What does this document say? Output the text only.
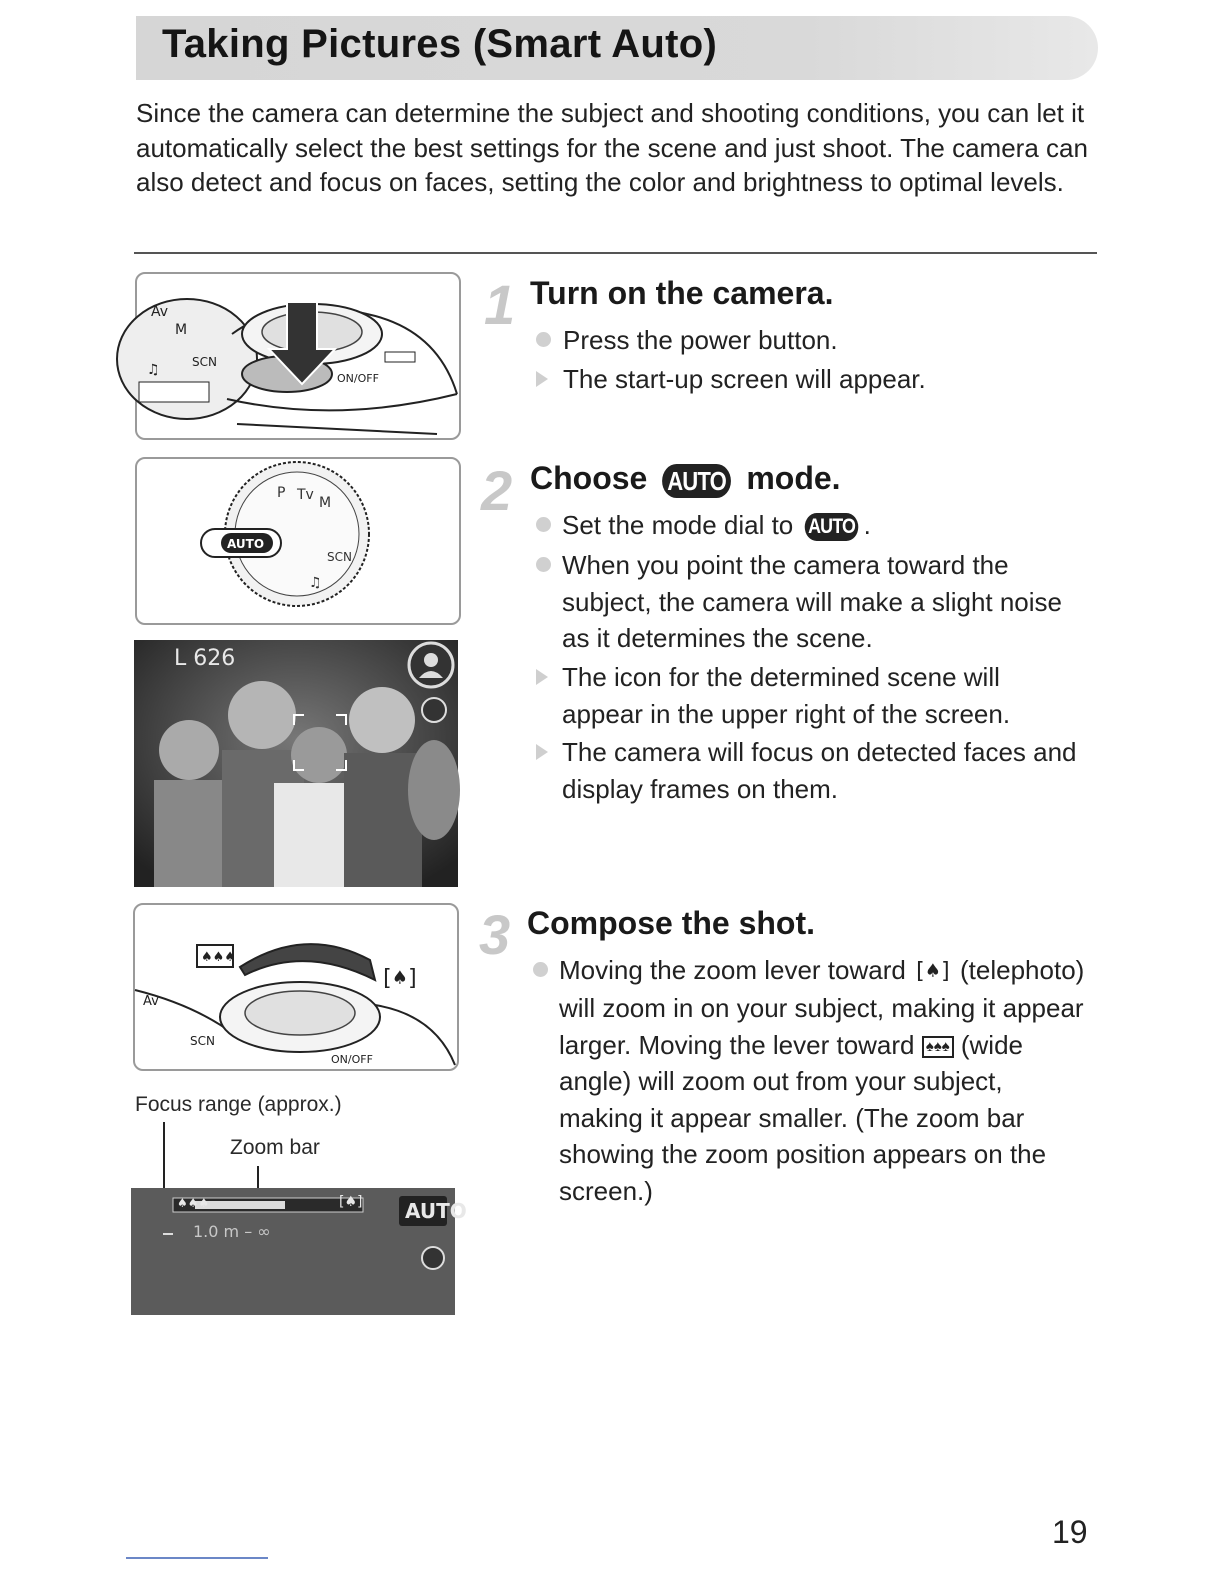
Taking Pictures (Smart Auto)
Since the camera can determine the subject and shooting conditions, you can let it automatically select the best settings for the scene and just shoot. The camera can also detect and focus on faces, setting the color and brightness to optimal levels.
Av
M
SCN
♫
ON/OFF
P Tv M
SCN
♫
AUTO
L 626
♠♠♠
[♠]
Av
SCN
ON/OFF
Focus range (approx.)
Zoom bar
♠♠♠	[♠]
1.0 m – ∞
AUTO
1 Turn on the camera.
Press the power button.
The start-up screen will appear.
2 Choose AUTO mode.
Set the mode dial to AUTO .
When you point the camera toward the subject, the camera will make a slight noise as it determines the scene.
The icon for the determined scene will appear in the upper right of the screen.
The camera will focus on detected faces and display frames on them.
3 Compose the shot.
Moving the zoom lever toward [♠] (telephoto) will zoom in on your subject, making it appear larger. Moving the lever toward ♠♠♠ (wide angle) will zoom out from your subject, making it appear smaller. (The zoom bar showing the zoom position appears on the screen.)
19
